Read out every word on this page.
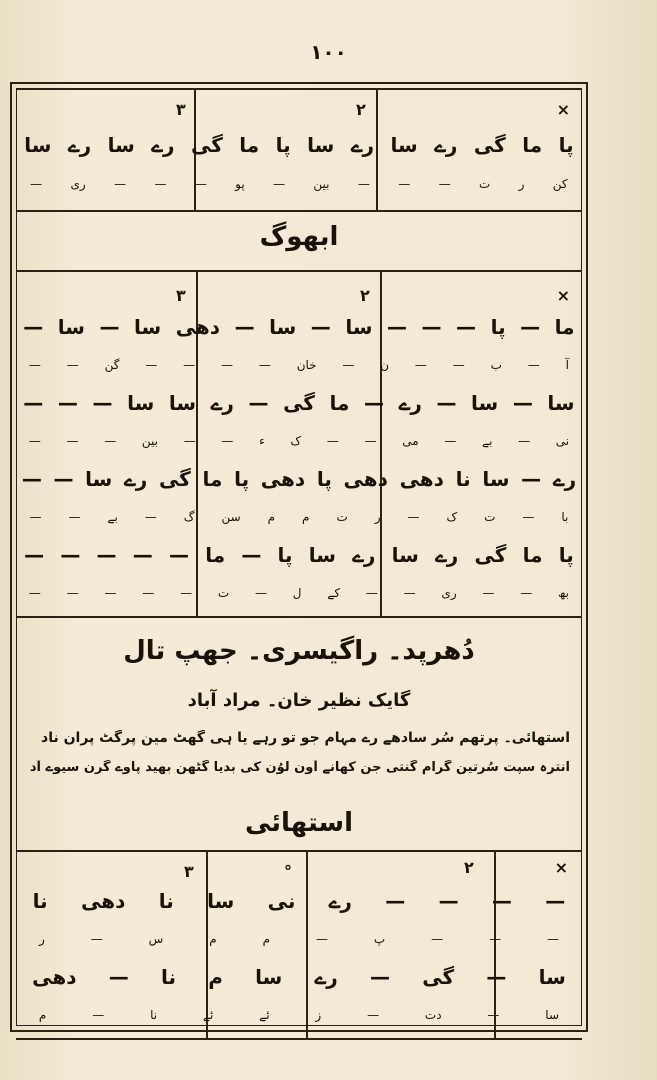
۱۰۰
×
۲
۳
پا
ما
گی
رے
سا
رے
سا
پا
ما
گی
رے
سا
رے
سا
کن
ر
ت
—
—
—
بین
—
پو
—
—
—
ری
—
ابھوگ
×
۲
۳
ما
—
پا
—
—
—
سا
—
سا
—
دھی
سا
—
سا
—
آ
—
ب
—
—
ن
—
خان
—
—
—
—
گن
—
—
سا
—
سا
—
رے
—
ما
گی
—
رے
سا
سا
—
—
—
نی
—
بے
—
می
—
—
ک
ء
—
—
بین
—
—
—
رے
—
سا
نا
دھی
دھی
پا
دھی
پا
ما
گی
رے
سا
—
—
با
—
ت
ک
—
ر
ت
م
م
سن
گ
—
بے
—
—
پا
ما
گی
رے
سا
رے
سا
پا
—
ما
—
—
—
—
—
بھ
—
—
ری
—
—
کے
ل
—
ت
—
—
—
—
—
دُھرپد۔ راگیسری۔ جھپ تال
گایک نظیر خان۔ مراد آباد
استھائی۔ پرتھم سُر سادھے رے مہام جو تو رہے یا ہی گھٹ مین پرگٹ پران ناد
انترہ سپت سُرتین گرام گنتی جن کھانے آون لوُن کی بدیا گٹھن بھید پاوے گُرن سیوے آد
استھائی
×
۲
۳	°
—
—
—
—
رے
نی
سا
نا
دھی
نا
—
—
—
پ
—
م
م
س
—
ر
سا
—
گی
—
رے
سا
م
نا
—
دھی
سا
—
دت
—
ز
ئے
ئے
نا
—
م
